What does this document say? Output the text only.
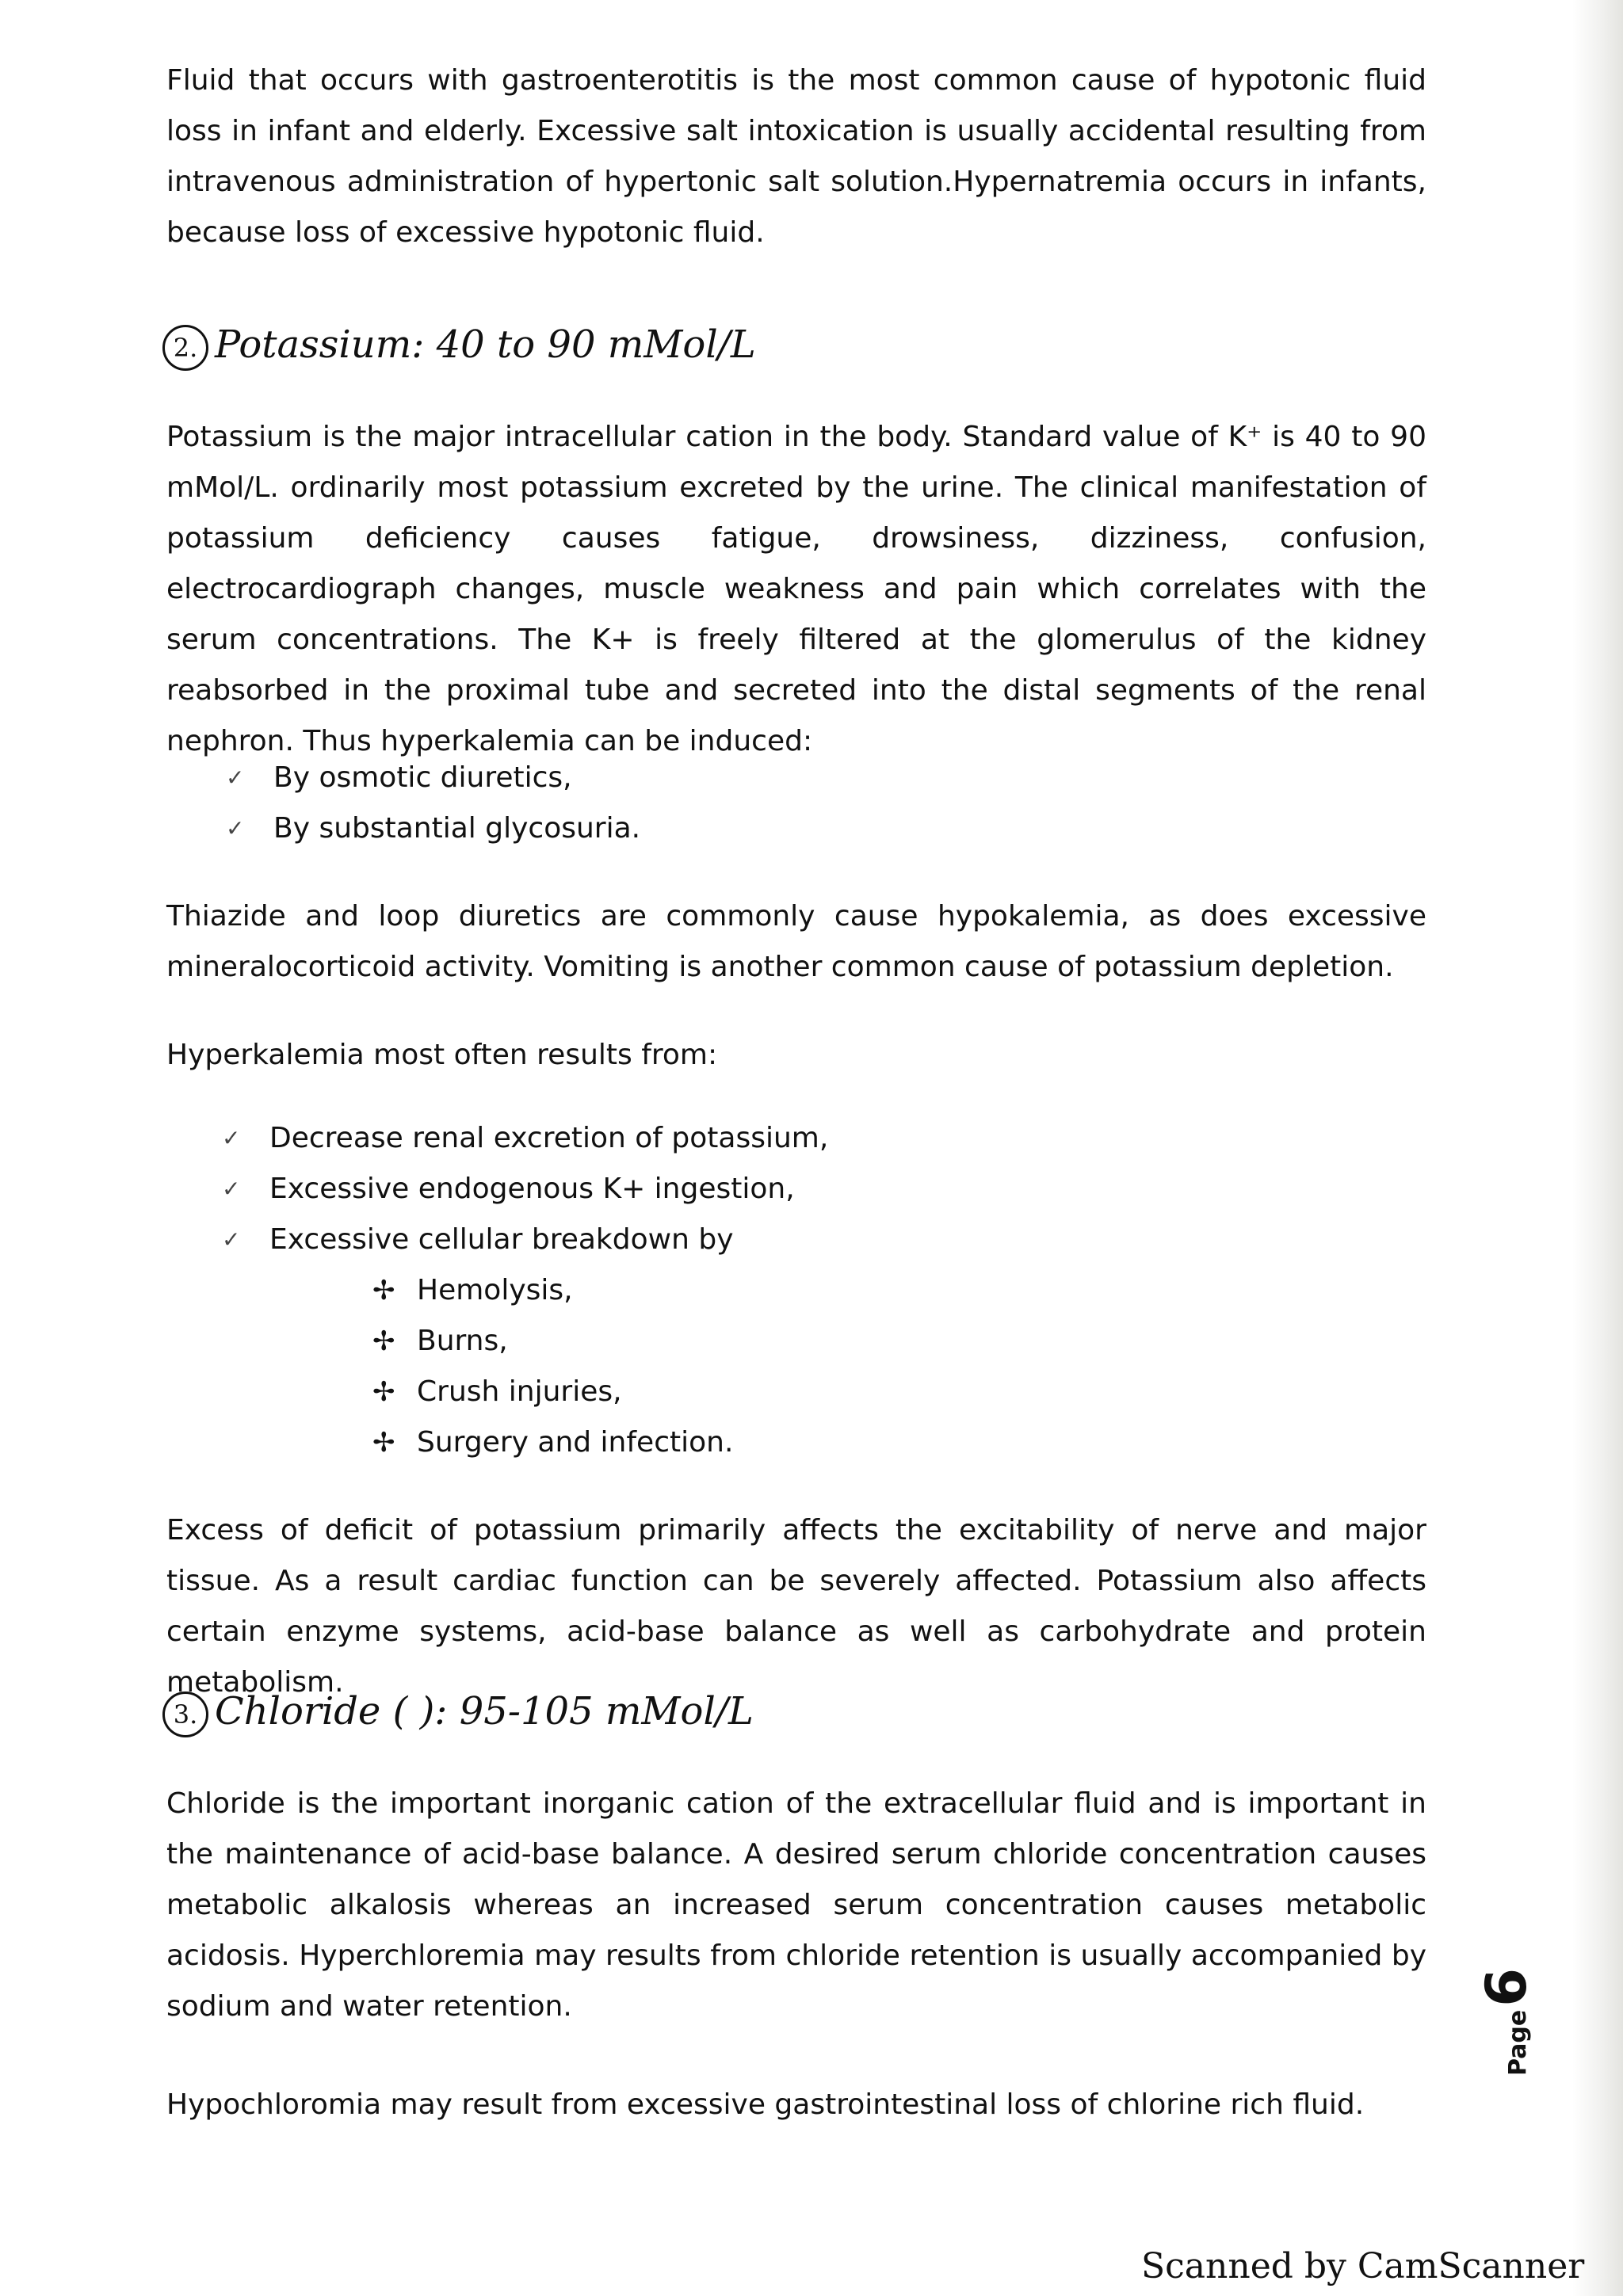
Fluid that occurs with gastroenterotitis is the most common cause of hypotonic fluid loss in infant and elderly. Excessive salt intoxication is usually accidental resulting from intravenous administration of hypertonic salt solution.Hypernatremia occurs in infants, because loss of excessive hypotonic fluid.

2. Potassium: 40 to 90 mMol/L

Potassium is the major intracellular cation in the body. Standard value of K⁺ is 40 to 90 mMol/L. ordinarily most potassium excreted by the urine. The clinical manifestation of potassium deficiency causes fatigue, drowsiness, dizziness, confusion, electrocardiograph changes, muscle weakness and pain which correlates with the serum concentrations. The K+ is freely filtered at the glomerulus of the kidney reabsorbed in the proximal tube and secreted into the distal segments of the renal nephron. Thus hyperkalemia can be induced:

✓	By osmotic diuretics,
✓	By substantial glycosuria.

Thiazide and loop diuretics are commonly cause hypokalemia, as does excessive mineralocorticoid activity. Vomiting is another common cause of potassium depletion.

Hyperkalemia most often results from:

✓	Decrease renal excretion of potassium,
✓	Excessive endogenous K+ ingestion,
✓	Excessive cellular breakdown by
✢ Hemolysis,
✢ Burns,
✢ Crush injuries,
✢ Surgery and infection.

Excess of deficit of potassium primarily affects the excitability of nerve and major tissue. As a result cardiac function can be severely affected. Potassium also affects certain enzyme systems, acid-base balance as well as carbohydrate and protein metabolism.

3. Chloride ( ): 95-105 mMol/L

Chloride is the important inorganic cation of the extracellular fluid and is important in the maintenance of acid-base balance. A desired serum chloride concentration causes metabolic alkalosis whereas an increased serum concentration causes metabolic acidosis. Hyperchloremia may results from chloride retention is usually accompanied by sodium and water retention.

Hypochloromia may result from excessive gastrointestinal loss of chlorine rich fluid.

Page6
Scanned by CamScanner
